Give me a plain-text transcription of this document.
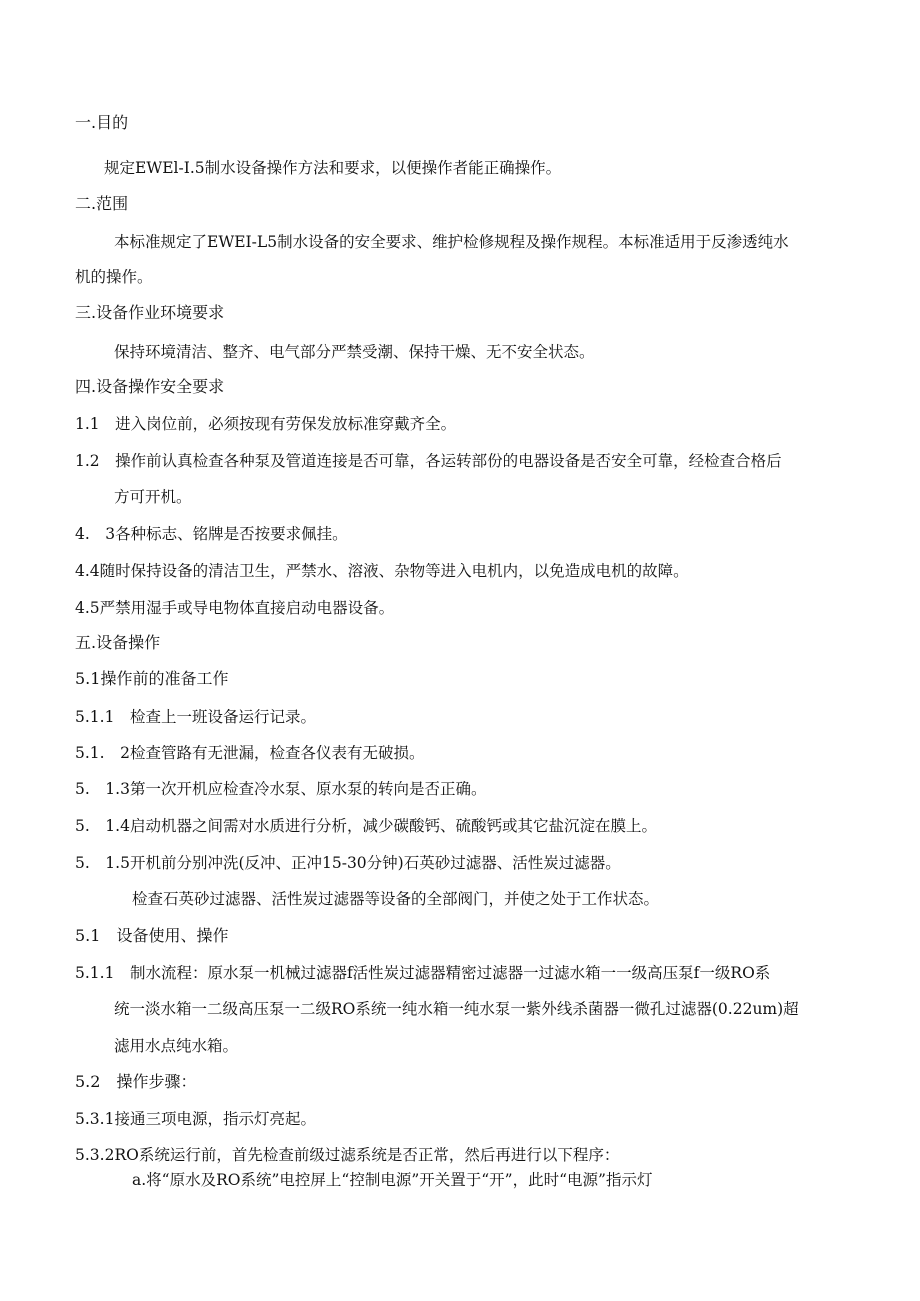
一.目的
规定EWEl-I.5制水设备操作方法和要求，以便操作者能正确操作。
二.范围
本标准规定了EWEI-L5制水设备的安全要求、维护检修规程及操作规程。本标准适用于反渗透纯水
机的操作。
三.设备作业环境要求
保持环境清洁、整齐、电气部分严禁受潮、保持干燥、无不安全状态。
四.设备操作安全要求
1.1　进入岗位前，必须按现有劳保发放标准穿戴齐全。
1.2　操作前认真检查各种泵及管道连接是否可靠，各运转部份的电器设备是否安全可靠，经检查合格后
方可开机。
4.　3各种标志、铭牌是否按要求佩挂。
4.4随时保持设备的清洁卫生，严禁水、溶液、杂物等进入电机内，以免造成电机的故障。
4.5严禁用湿手或导电物体直接启动电器设备。
五.设备操作
5.1操作前的准备工作
5.1.1　检查上一班设备运行记录。
5.1.　2检查管路有无泄漏，检查各仪表有无破损。
5.　1.3第一次开机应检查冷水泵、原水泵的转向是否正确。
5.　1.4启动机器之间需对水质进行分析，减少碳酸钙、硫酸钙或其它盐沉淀在膜上。
5.　1.5开机前分别冲洗(反冲、正冲15-30分钟)石英砂过滤器、活性炭过滤器。
检查石英砂过滤器、活性炭过滤器等设备的全部阀门，并使之处于工作状态。
5.1　设备使用、操作
5.1.1　制水流程：原水泵一机械过滤器f活性炭过滤器精密过滤器一过滤水箱一一级高压泵f一级RO系
统一淡水箱一二级高压泵一二级RO系统一纯水箱一纯水泵一紫外线杀菌器一微孔过滤器(0.22um)超
滤用水点纯水箱。
5.2　操作步骤：
5.3.1接通三项电源，指示灯亮起。
5.3.2RO系统运行前，首先检查前级过滤系统是否正常，然后再进行以下程序：
a.将“原水及RO系统”电控屏上“控制电源”开关置于“开”，此时“电源”指示灯
